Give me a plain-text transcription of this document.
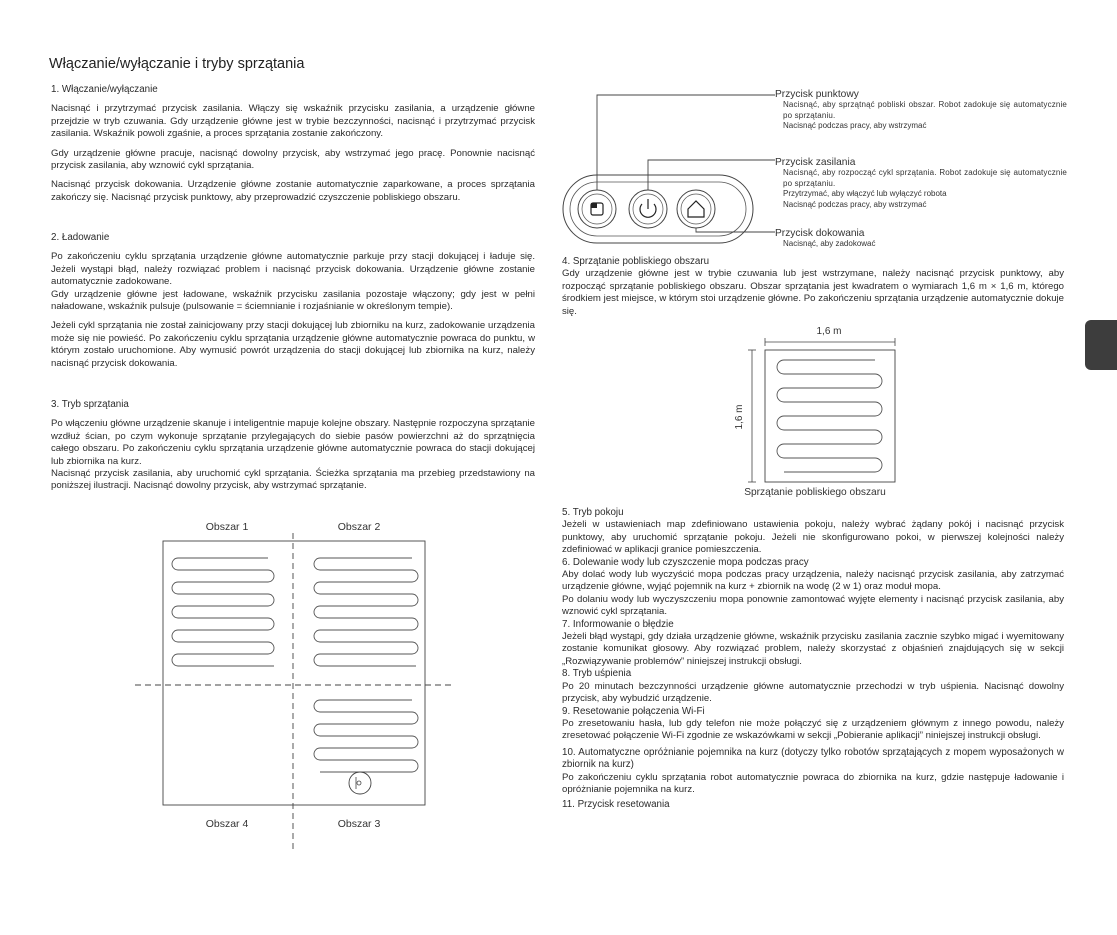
Włączanie/wyłączanie i tryby sprzątania
1. Włączanie/wyłączanie

Nacisnąć i przytrzymać przycisk zasilania. Włączy się wskaźnik przycisku zasilania, a urządzenie główne przejdzie w tryb czuwania. Gdy urządzenie główne jest w trybie bezczynności, nacisnąć i przytrzymać przycisk zasilania. Wskaźnik powoli zgaśnie, a proces sprzątania zostanie zakończony.

Gdy urządzenie główne pracuje, nacisnąć dowolny przycisk, aby wstrzymać jego pracę. Ponownie nacisnąć przycisk zasilania, aby wznowić cykl sprzątania.

Nacisnąć przycisk dokowania. Urządzenie główne zostanie automatycznie zaparkowane, a proces sprzątania zakończy się. Nacisnąć przycisk punktowy, aby przeprowadzić czyszczenie pobliskiego obszaru.

2. Ładowanie

Po zakończeniu cyklu sprzątania urządzenie główne automatycznie parkuje przy stacji dokującej i ładuje się. Jeżeli wystąpi błąd, należy rozwiązać problem i nacisnąć przycisk dokowania. Urządzenie główne zostanie automatycznie zadokowane.

Gdy urządzenie główne jest ładowane, wskaźnik przycisku zasilania pozostaje włączony; gdy jest w pełni naładowane, wskaźnik pulsuje (pulsowanie = ściemnianie i rozjaśnianie w określonym tempie).

Jeżeli cykl sprzątania nie został zainicjowany przy stacji dokującej lub zbiorniku na kurz, zadokowanie urządzenia może się nie powieść. Po zakończeniu cyklu sprzątania urządzenie główne automatycznie powraca do punktu, w którym zostało uruchomione. Aby wymusić powrót urządzenia do stacji dokującej lub zbiornika na kurz, należy nacisnąć przycisk dokowania.

3. Tryb sprzątania

Po włączeniu główne urządzenie skanuje i inteligentnie mapuje kolejne obszary. Następnie rozpoczyna sprzątanie wzdłuż ścian, po czym wykonuje sprzątanie przylegających do siebie pasów powierzchni aż do sprzątnięcia całego obszaru. Po zakończeniu cyklu sprzątania urządzenie główne automatycznie powraca do stacji dokującej lub zbiornika na kurz.

Nacisnąć przycisk zasilania, aby uruchomić cykl sprzątania. Ścieżka sprzątania ma przebieg przedstawiony na poniższej ilustracji. Nacisnąć dowolny przycisk, aby wstrzymać sprzątanie.

Obszar 1	Obszar 2
Obszar 4	Obszar 3
Przycisk punktowy
Nacisnąć, aby sprzątnąć pobliski obszar. Robot zadokuje się automatycznie po sprzątaniu.
Nacisnąć podczas pracy, aby wstrzymać
Przycisk zasilania
Nacisnąć, aby rozpocząć cykl sprzątania. Robot zadokuje się automatycznie po sprzątaniu.
Przytrzymać, aby włączyć lub wyłączyć robota
Nacisnąć podczas pracy, aby wstrzymać
Przycisk dokowania
Nacisnąć, aby zadokować
4. Sprzątanie pobliskiego obszaru

Gdy urządzenie główne jest w trybie czuwania lub jest wstrzymane, należy nacisnąć przycisk punktowy, aby rozpocząć sprzątanie pobliskiego obszaru. Obszar sprzątania jest kwadratem o wymiarach 1,6 m × 1,6 m, którego środkiem jest miejsce, w którym stoi urządzenie główne. Po zakończeniu sprzątania urządzenie automatycznie dokuje się.

1,6 m
1,6 m
Sprzątanie pobliskiego obszaru
5. Tryb pokoju

Jeżeli w ustawieniach map zdefiniowano ustawienia pokoju, należy wybrać żądany pokój i nacisnąć przycisk punktowy, aby uruchomić sprzątanie pokoju. Jeżeli nie skonfigurowano pokoi, w pierwszej kolejności należy zdefiniować w aplikacji granice pomieszczenia.

6. Dolewanie wody lub czyszczenie mopa podczas pracy

Aby dolać wody lub wyczyścić mopa podczas pracy urządzenia, należy nacisnąć przycisk zasilania, aby zatrzymać urządzenie główne, wyjąć pojemnik na kurz + zbiornik na wodę (2 w 1) oraz moduł mopa.

Po dolaniu wody lub wyczyszczeniu mopa ponownie zamontować wyjęte elementy i nacisnąć przycisk zasilania, aby wznowić cykl sprzątania.

7. Informowanie o błędzie

Jeżeli błąd wystąpi, gdy działa urządzenie główne, wskaźnik przycisku zasilania zacznie szybko migać i wyemitowany zostanie komunikat głosowy. Aby rozwiązać problem, należy skorzystać z objaśnień znajdujących się w sekcji „Rozwiązywanie problemów” niniejszej instrukcji obsługi.

8. Tryb uśpienia

Po 20 minutach bezczynności urządzenie główne automatycznie przechodzi w tryb uśpienia. Nacisnąć dowolny przycisk, aby wybudzić urządzenie.

9. Resetowanie połączenia Wi-Fi

Po zresetowaniu hasła, lub gdy telefon nie może połączyć się z urządzeniem głównym z innego powodu, należy zresetować połączenie Wi-Fi zgodnie ze wskazówkami w sekcji „Pobieranie aplikacji” niniejszej instrukcji obsługi.

10. Automatyczne opróżnianie pojemnika na kurz (dotyczy tylko robotów sprzątających z mopem wyposażonych w zbiornik na kurz)

Po zakończeniu cyklu sprzątania robot automatycznie powraca do zbiornika na kurz, gdzie następuje ładowanie i opróżnianie pojemnika na kurz.

11. Przycisk resetowania
